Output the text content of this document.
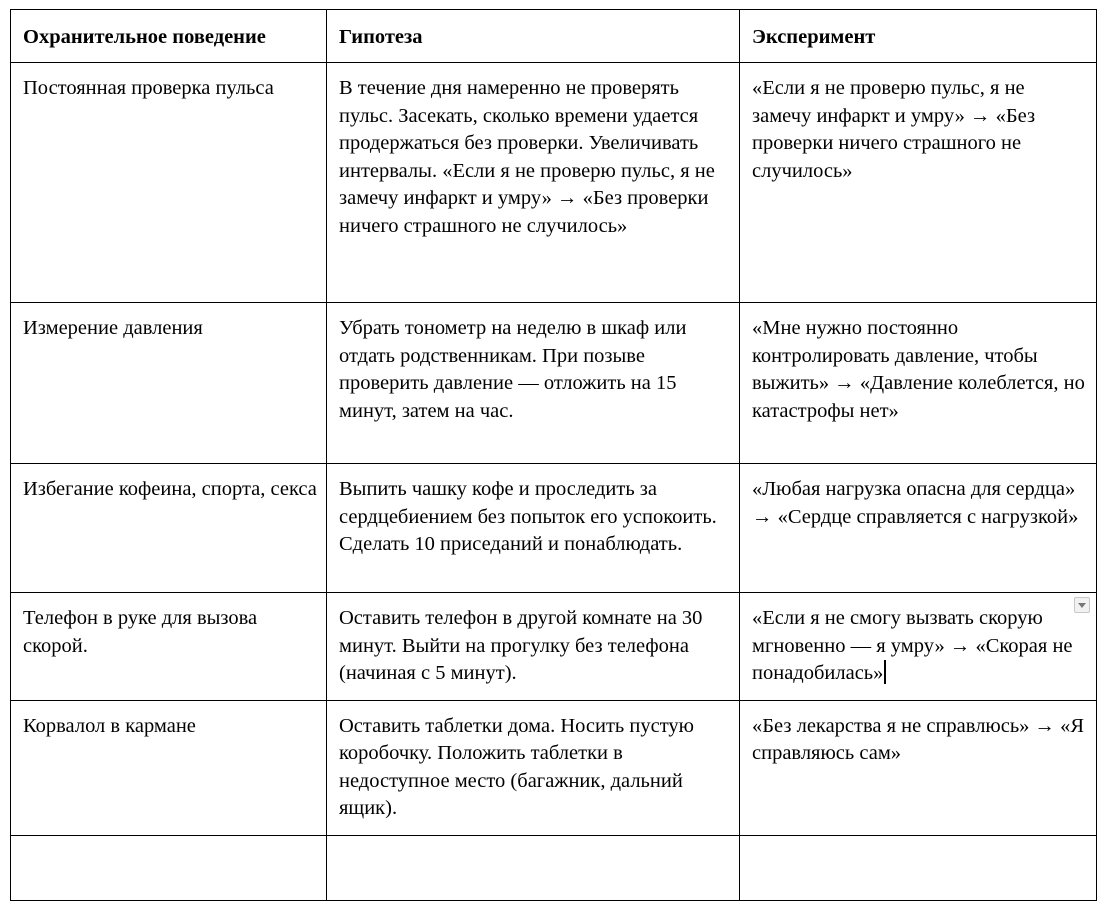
Охранительное поведение	Гипотеза	Эксперимент
Постоянная проверка пульса	В течение дня намеренно не проверять пульс. Засекать, сколько времени удается продержаться без проверки. Увеличивать интервалы. «Если я не проверю пульс, я не замечу инфаркт и умру» → «Без проверки ничего страшного не случилось»	«Если я не проверю пульс, я не замечу инфаркт и умру» → «Без проверки ничего страшного не случилось»
Измерение давления	Убрать тонометр на неделю в шкаф или отдать родственникам. При позыве проверить давление — отложить на 15 минут, затем на час.	«Мне нужно постоянно контролировать давление, чтобы выжить» → «Давление колеблется, но катастрофы нет»
Избегание кофеина, спорта, секса	Выпить чашку кофе и проследить за сердцебиением без попыток его успокоить. Сделать 10 приседаний и понаблюдать.	«Любая нагрузка опасна для сердца» → «Сердце справляется с нагрузкой»
Телефон в руке для вызова скорой.	Оставить телефон в другой комнате на 30 минут. Выйти на прогулку без телефона (начиная с 5 минут).	«Если я не смогу вызвать скорую мгновенно — я умру» → «Скорая не понадобилась»

Корвалол в кармане	Оставить таблетки дома. Носить пустую коробочку. Положить таблетки в недоступное место (багажник, дальний ящик).	«Без лекарства я не справлюсь» → «Я справляюсь сам»
